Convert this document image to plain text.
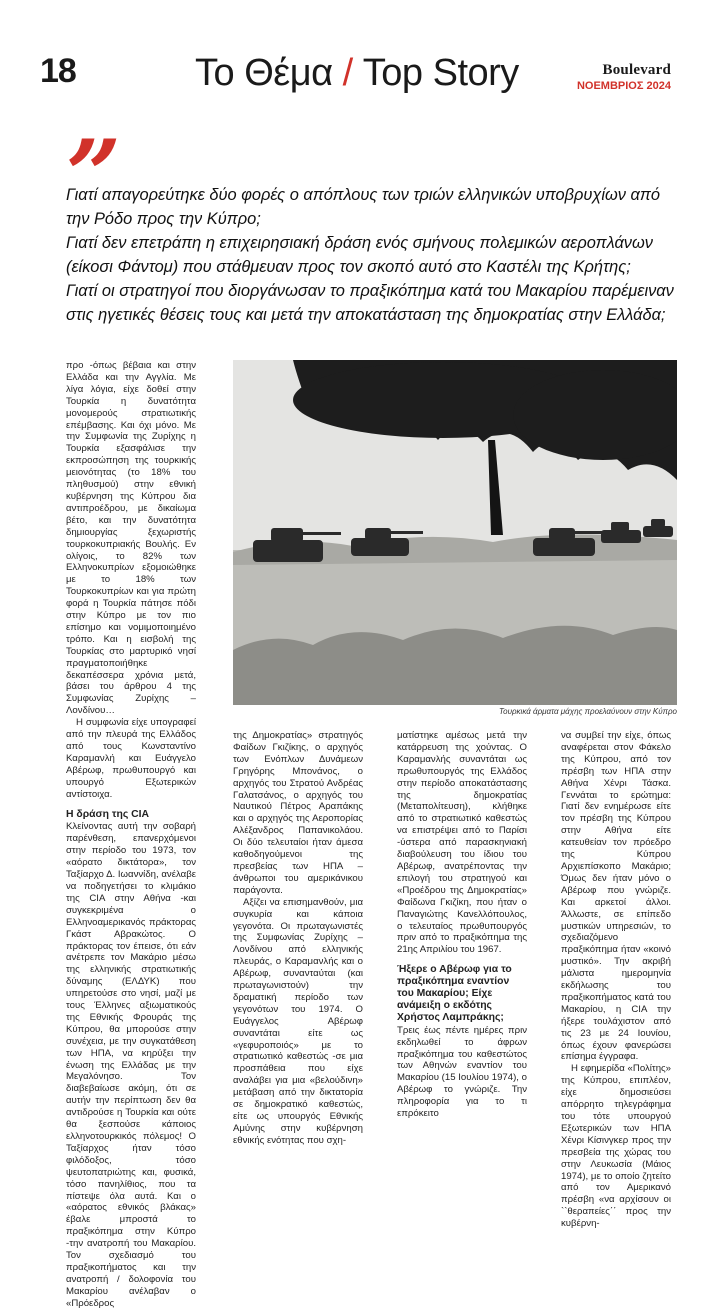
18	Το Θέμα / Top Story	Boulevard
ΝΟΕΜΒΡΙΟΣ 2024
”

Γιατί απαγορεύτηκε δύο φορές ο απόπλους των τριών ελληνικών υποβρυχίων από την Ρόδο προς την Κύπρο;

Γιατί δεν επετράπη η επιχειρησιακή δράση ενός σμήνους πολεμικών αεροπλάνων (είκοσι Φάντομ) που στάθμευαν προς τον σκοπό αυτό στο Καστέλι της Κρήτης;

Γιατί οι στρατηγοί που διοργάνωσαν το πραξικόπημα κατά του Μακαρίου παρέμειναν στις ηγετικές θέσεις τους και μετά την αποκατάσταση της δημοκρατίας στην Ελλάδα;

προ -όπως βέβαια και στην Ελλάδα και την Αγγλία. Με λίγα λόγια, είχε δοθεί στην Τουρκία η δυνατότητα μονομερούς στρατιωτικής επέμβασης. Και όχι μόνο. Με την Συμφωνία της Ζυρίχης η Τουρκία εξασφάλισε την εκπροσώπηση της τουρκικής μειονότητας (το 18% του πληθυσμού) στην εθνική κυβέρνηση της Κύπρου δια αντιπροέδρου, με δικαίωμα βέτο, και την δυνατότητα δημιουργίας ξεχωριστής τουρκοκυπριακής Βουλής. Εν ολίγοις, το 82% των Ελληνοκυπρίων εξομοιώθηκε με το 18% των Τουρκοκυπρίων και για πρώτη φορά η Τουρκία πάτησε πόδι στην Κύπρο με τον πιο επίσημο και νομιμοποιημένο τρόπο. Και η εισβολή της Τουρκίας στο μαρτυρικό νησί πραγματοποιήθηκε δεκαπέσσερα χρόνια μετά, βάσει του άρθρου 4 της Συμφωνίας Ζυρίχης – Λονδίνου…

Η συμφωνία είχε υπογραφεί από την πλευρά της Ελλάδος από τους Κωνσταντίνο Καραμανλή και Ευάγγελο Αβέρωφ, πρωθυπουργό και υπουργό Εξωτερικών αντίστοιχα.

Η δράση της CIA

Κλείνοντας αυτή την σοβαρή παρένθεση, επανερχόμενοι στην περίοδο του 1973, τον «αόρατο δικτάτορα», τον Ταξίαρχο Δ. Ιωαννίδη, ανέλαβε να ποδηγετήσει το κλιμάκιο της CIA στην Αθήνα -και συγκεκριμένα ο Ελληνοαμερικανός πράκτορας Γκάστ Αβρακώτος. Ο πράκτορας τον έπεισε, ότι εάν ανέτρεπε τον Μακάριο μέσω της ελληνικής στρατιωτικής δύναμης (ΕΛΔΥΚ) που υπηρετούσε στο νησί, μαζί με τους Έλληνες αξιωματικούς της Εθνικής Φρουράς της Κύπρου, θα μπορούσε στην συνέχεια, με την συγκατάθεση των ΗΠΑ, να κηρύξει την ένωση της Ελλάδας με την Μεγαλόνησο. Τον διαβεβαίωσε ακόμη, ότι σε αυτήν την περίπτωση δεν θα αντιδρούσε η Τουρκία και ούτε θα ξεσπούσε κάποιος ελληνοτουρκικός πόλεμος! Ο Ταξίαρχος ήταν τόσο φιλόδοξος, τόσο ψευτοπατριώτης και, φυσικά, τόσο πανηλίθιος, που τα πίστεψε όλα αυτά. Και ο «αόρατος εθνικός βλάκας» έβαλε μπροστά το πραξικόπημα στην Κύπρο -την ανατροπή του Μακαρίου. Τον σχεδιασμό του πραξικοπήματος και την ανατροπή / δολοφονία του Μακαρίου ανέλαβαν ο «Πρόεδρος

Τουρκικά άρματα μάχης προελαύνουν στην Κύπρο

της Δημοκρατίας» στρατηγός Φαίδων Γκιζίκης, ο αρχηγός των Ενόπλων Δυνάμεων Γρηγόρης Μπονάνος, ο αρχηγός του Στρατού Ανδρέας Γαλατσάνος, ο αρχηγός του Ναυτικού Πέτρος Αραπάκης και ο αρχηγός της Αεροπορίας Αλέξανδρος Παπανικολάου. Οι δύο τελευταίοι ήταν άμεσα καθοδηγούμενοι της πρεσβείας των ΗΠΑ –άνθρωποι του αμερικάνικου παράγοντα.

Αξίζει να επισημανθούν, μια συγκυρία και κάποια γεγονότα. Οι πρωταγωνιστές της Συμφωνίας Ζυρίχης – Λονδίνου από ελληνικής πλευράς, ο Καραμανλής και ο Αβέρωφ, συνανταύται (και πρωταγωνιστούν) την δραματική περίοδο των γεγονότων του 1974. Ο Ευάγγελος Αβέρωφ συναντάται είτε ως «γεφυροποιός» με το στρατιωτικό καθεστώς -σε μια προσπάθεια που είχε αναλάβει για μια «βελούδινη» μετάβαση από την δικτατορία σε δημοκρατικό καθεστώς, είτε ως υπουργός Εθνικής Αμύνης στην κυβέρνηση εθνικής ενότητας που σχη-

ματίστηκε αμέσως μετά την κατάρρευση της χούντας. Ο Καραμανλής συναντάται ως πρωθυπουργός της Ελλάδος στην περίοδο αποκατάστασης της δημοκρατίας (Μεταπολίτευση), κλήθηκε από το στρατιωτικό καθεστώς να επιστρέψει από το Παρίσι -ύστερα από παρασκηνιακή διαβούλευση του ίδιου του Αβέρωφ, ανατρέποντας την επιλογή του στρατηγού και «Προέδρου της Δημοκρατίας» Φαίδωνα Γκιζίκη, που ήταν ο Παναγιώτης Κανελλόπουλος, ο τελευταίος πρωθυπουργός πριν από το πραξικόπημα της 21ης Απριλίου του 1967.

Ήξερε ο Αβέρωφ για το πραξικόπημα εναντίον του Μακαρίου; Είχε ανάμειξη ο εκδότης Χρήστος Λαμπράκης;

Τρεις έως πέντε ημέρες πριν εκδηλωθεί το άφρων πραξικόπημα του καθεστώτος των Αθηνών εναντίον του Μακαρίου (15 Ιουλίου 1974), ο Αβέρωφ το γνώριζε. Την πληροφορία για το τι επρόκειτο

να συμβεί την είχε, όπως αναφέρεται στον Φάκελο της Κύπρου, από τον πρέσβη των ΗΠΑ στην Αθήνα Χένρι Τάσκα. Γεννάται το ερώτημα: Γιατί δεν ενημέρωσε είτε τον πρέσβη της Κύπρου στην Αθήνα είτε κατευθείαν τον πρόεδρο της Κύπρου Αρχιεπίσκοπο Μακάριο; Όμως δεν ήταν μόνο ο Αβέρωφ που γνώριζε. Και αρκετοί άλλοι. Άλλωστε, σε επίπεδο μυστικών υπηρεσιών, το σχεδιαζόμενο πραξικόπημα ήταν «κοινό μυστικό». Την ακριβή μάλιστα ημερομηνία εκδήλωσης του πραξικοπήματος κατά του Μακαρίου, η CIA την ήξερε τουλάχιστον από τις 23 με 24 Ιουνίου, όπως έχουν φανερώσει επίσημα έγγραφα.

Η εφημερίδα «Πολίτης» της Κύπρου, επιπλέον, είχε δημοσιεύσει απόρρητο τηλεγράφημα του τότε υπουργού Εξωτερικών των ΗΠΑ Χένρι Κίσινγκερ προς την πρεσβεία της χώρας του στην Λευκωσία (Μάιος 1974), με το οποίο ζητείτο από τον Αμερικανό πρέσβη «να αρχίσουν οι ``θεραπείες΄΄ προς την κυβέρνη-
